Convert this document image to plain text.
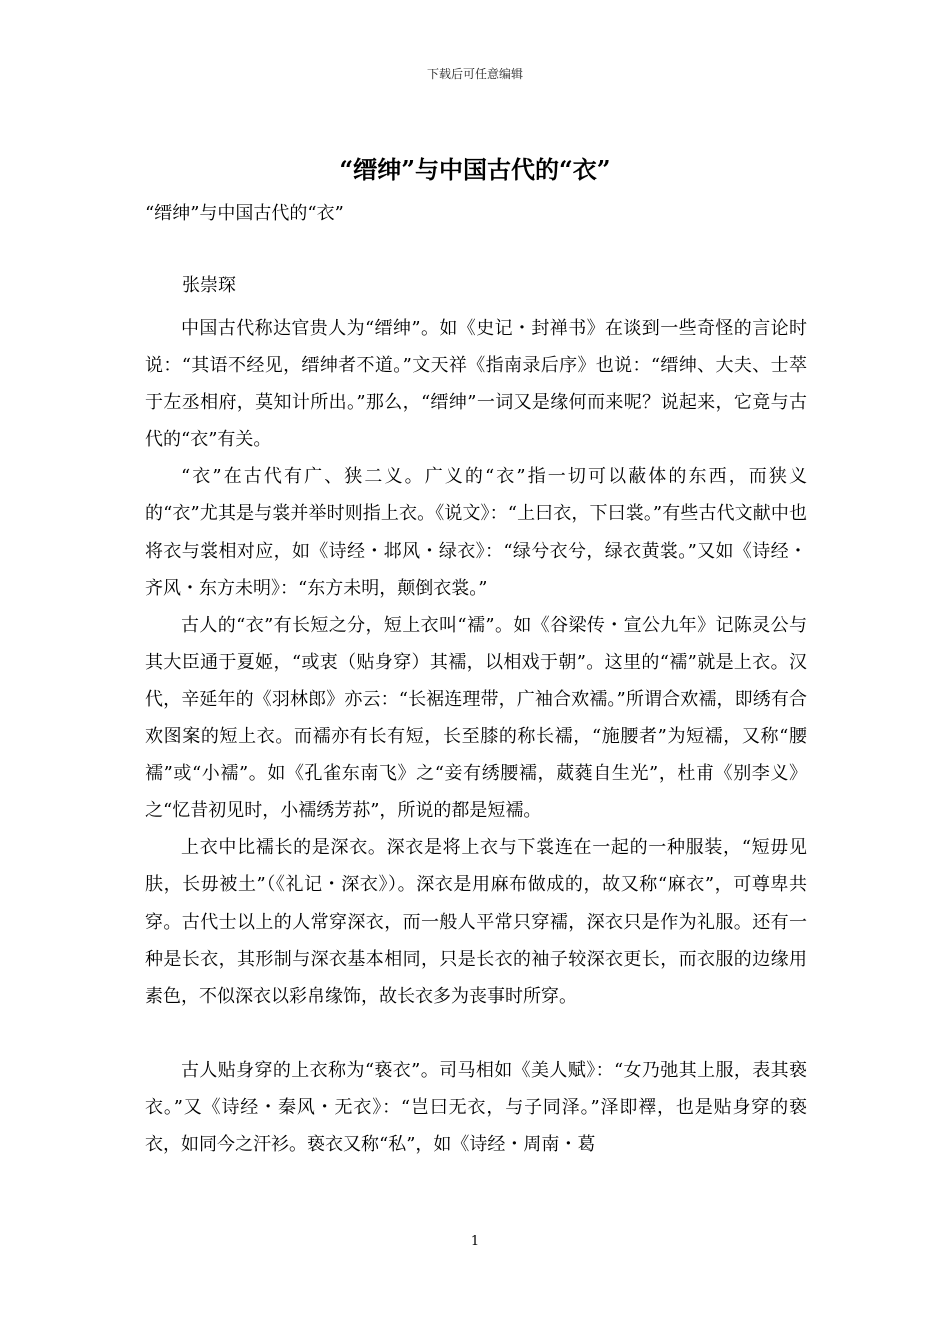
下载后可任意编辑
“缙绅”与中国古代的“衣”
“缙绅”与中国古代的“衣”
张崇琛

中国古代称达官贵人为“缙绅”。如《史记・封禅书》在谈到一些奇怪的言论时说：“其语不经见，缙绅者不道。”文天祥《指南录后序》也说：“缙绅、大夫、士萃于左丞相府，莫知计所出。”那么，“缙绅”一词又是缘何而来呢？说起来，它竟与古代的“衣”有关。

“衣”在古代有广、狭二义。广义的“衣”指一切可以蔽体的东西，而狭义的“衣”尤其是与裳并举时则指上衣。《说文》：“上曰衣，下曰裳。”有些古代文献中也将衣与裳相对应，如《诗经・邶风・绿衣》：“绿兮衣兮，绿衣黄裳。”又如《诗经・齐风・东方未明》：“东方未明，颠倒衣裳。”

古人的“衣”有长短之分，短上衣叫“襦”。如《谷梁传・宣公九年》记陈灵公与其大臣通于夏姬，“或衷（贴身穿）其襦，以相戏于朝”。这里的“襦”就是上衣。汉代，辛延年的《羽林郎》亦云：“长裾连理带，广袖合欢襦。”所谓合欢襦，即绣有合欢图案的短上衣。而襦亦有长有短，长至膝的称长襦，“施腰者”为短襦，又称“腰襦”或“小襦”。如《孔雀东南飞》之“妾有绣腰襦，葳蕤自生光”，杜甫《别李义》之“忆昔初见时，小襦绣芳荪”，所说的都是短襦。

上衣中比襦长的是深衣。深衣是将上衣与下裳连在一起的一种服装，“短毋见肤，长毋被土”（《礼记・深衣》）。深衣是用麻布做成的，故又称“麻衣”，可尊卑共穿。古代士以上的人常穿深衣，而一般人平常只穿襦，深衣只是作为礼服。还有一种是长衣，其形制与深衣基本相同，只是长衣的袖子较深衣更长，而衣服的边缘用素色，不似深衣以彩帛缘饰，故长衣多为丧事时所穿。

古人贴身穿的上衣称为“亵衣”。司马相如《美人赋》：“女乃弛其上服，表其亵衣。”又《诗经・秦风・无衣》：“岂曰无衣，与子同泽。”泽即襗，也是贴身穿的亵衣，如同今之汗衫。亵衣又称“私”，如《诗经・周南・葛

1
